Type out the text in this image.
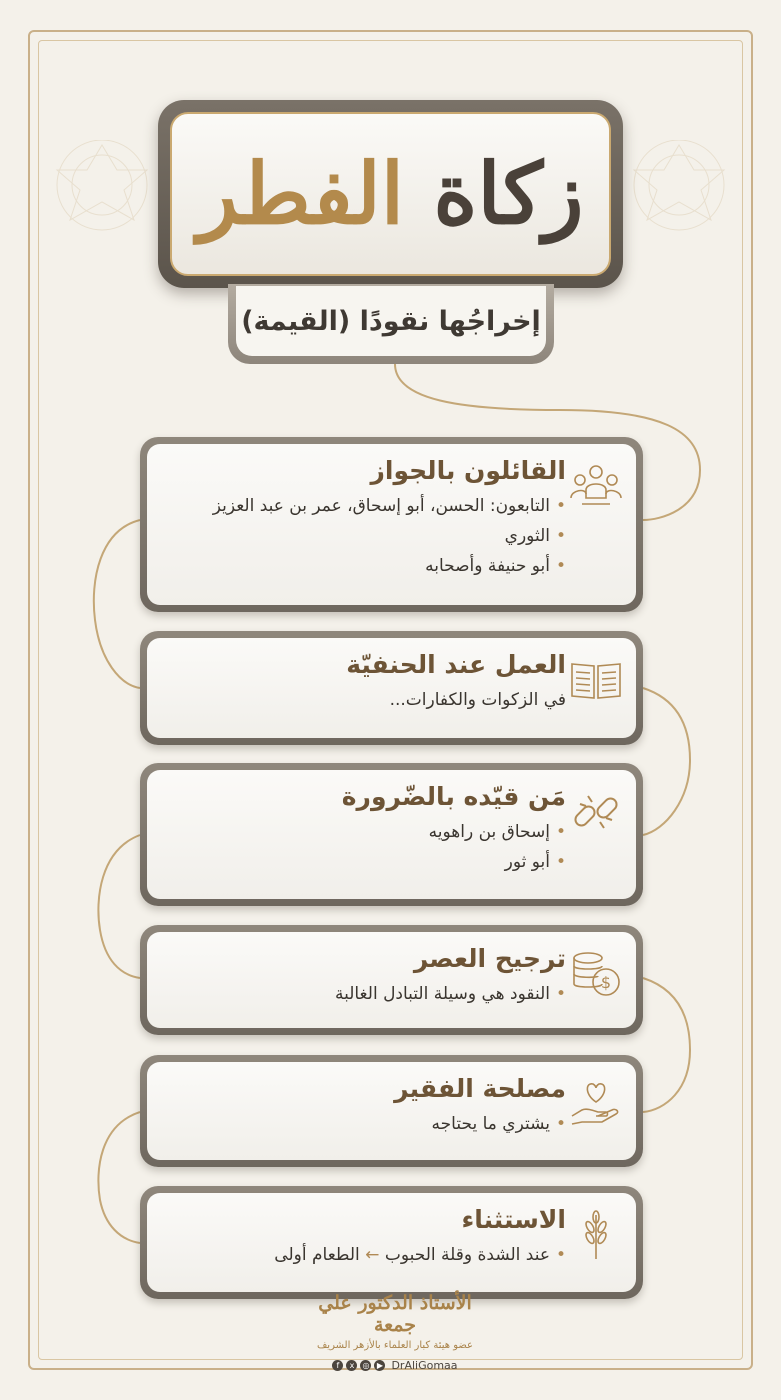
زكاة الفطر
إخراجُها نقودًا (القيمة)
القائلون بالجواز
• التابعون: الحسن، أبو إسحاق، عمر بن عبد العزيز
• الثوري
• أبو حنيفة وأصحابه
العمل عند الحنفيّة
في الزكوات والكفارات...
مَن قيّده بالضّرورة
• إسحاق بن راهويه
• أبو ثور
$
ترجيح العصر
• النقود هي وسيلة التبادل الغالبة
مصلحة الفقير
• يشتري ما يحتاجه
الاستثناء
• عند الشدة وقلة الحبوب ← الطعام أولى
الأستاذ الدكتور علي جمعة
عضو هيئة كبار العلماء بالأزهر الشريف
f	x	◎ ▶ DrAliGomaa
